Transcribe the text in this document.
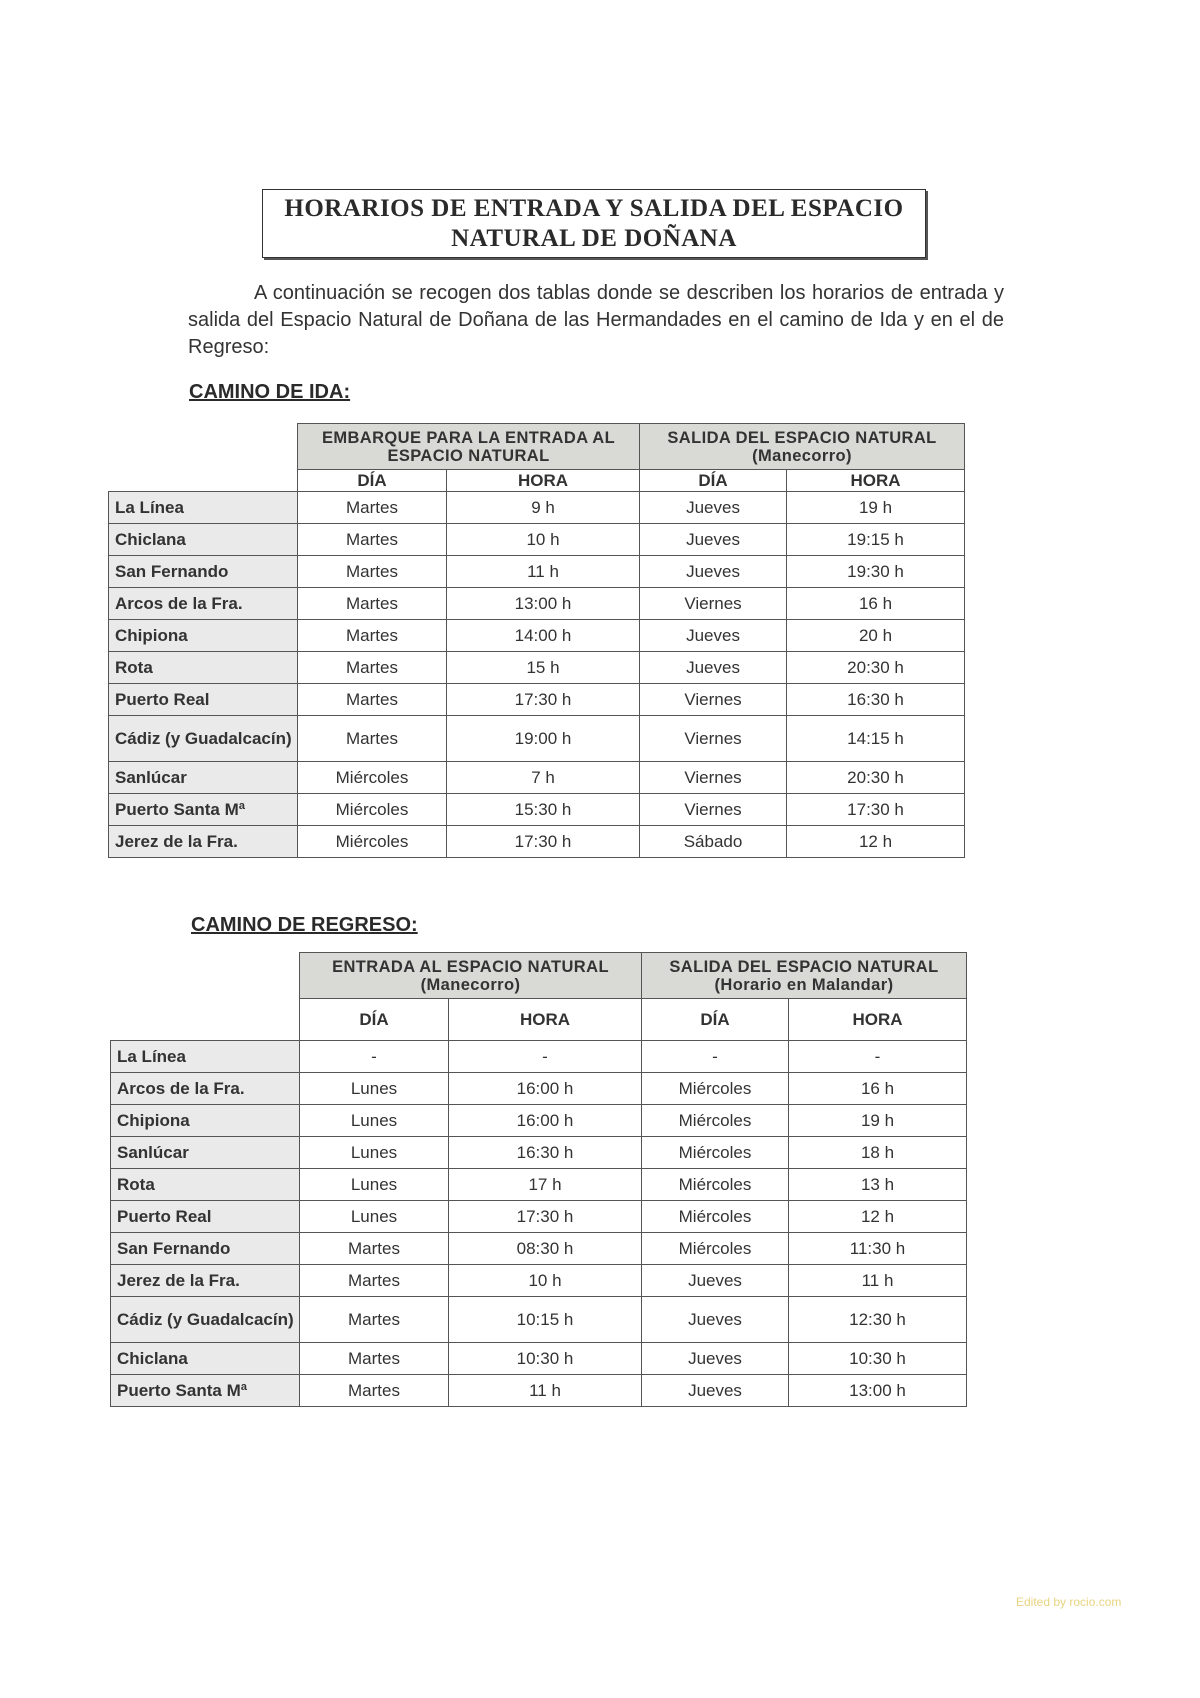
HORARIOS DE ENTRADA Y SALIDA DEL ESPACIO
NATURAL DE DOÑANA

A continuación se recogen dos tablas donde se describen los horarios de entrada y salida del Espacio Natural de Doñana de las Hermandades en el camino de Ida y en el de Regreso:

CAMINO DE IDA:
	EMBARQUE PARA LA ENTRADA AL ESPACIO NATURAL		SALIDA DEL ESPACIO NATURAL (Manecorro)	
	DÍA	HORA	DÍA	HORA
La Línea	Martes	9 h	Jueves	19 h
Chiclana	Martes	10 h	Jueves	19:15 h
San Fernando	Martes	11 h	Jueves	19:30 h
Arcos de la Fra.	Martes	13:00 h	Viernes	16 h
Chipiona	Martes	14:00 h	Jueves	20 h
Rota	Martes	15 h	Jueves	20:30 h
Puerto Real	Martes	17:30 h	Viernes	16:30 h
Cádiz (y Guadalcacín)	Martes	19:00 h	Viernes	14:15 h
Sanlúcar	Miércoles	7 h	Viernes	20:30 h
Puerto Santa Mª	Miércoles	15:30 h	Viernes	17:30 h
Jerez de la Fra.	Miércoles	17:30 h	Sábado	12 h
CAMINO DE REGRESO:
	ENTRADA AL ESPACIO NATURAL (Manecorro)		SALIDA DEL ESPACIO NATURAL (Horario en Malandar)	
	DÍA	HORA	DÍA	HORA
La Línea	-	-	-	-
Arcos de la Fra.	Lunes	16:00 h	Miércoles	16 h
Chipiona	Lunes	16:00 h	Miércoles	19 h
Sanlúcar	Lunes	16:30 h	Miércoles	18 h
Rota	Lunes	17 h	Miércoles	13 h
Puerto Real	Lunes	17:30 h	Miércoles	12 h
San Fernando	Martes	08:30 h	Miércoles	11:30 h
Jerez de la Fra.	Martes	10 h	Jueves	11 h
Cádiz (y Guadalcacín)	Martes	10:15 h	Jueves	12:30 h
Chiclana	Martes	10:30 h	Jueves	10:30 h
Puerto Santa Mª	Martes	11 h	Jueves	13:00 h
Edited by rocio.com
